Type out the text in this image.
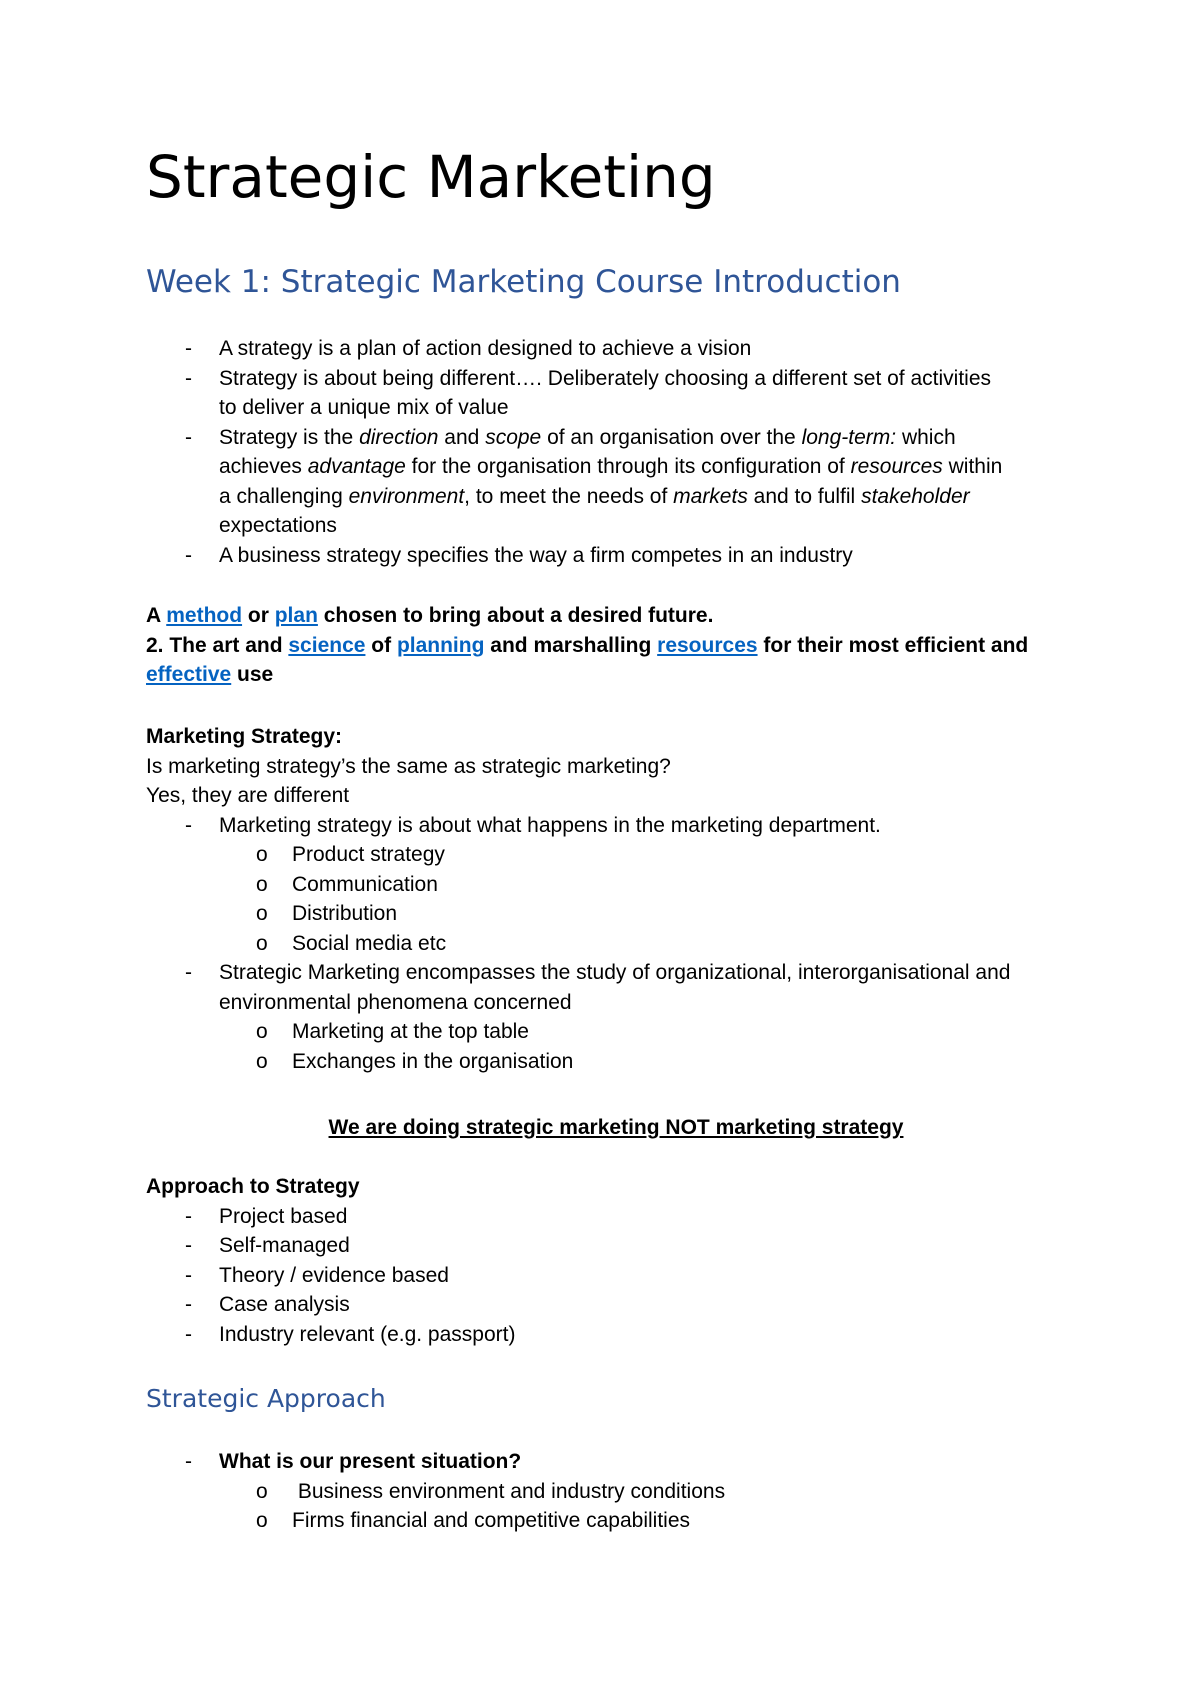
Strategic Marketing
Week 1: Strategic Marketing Course Introduction
- A strategy is a plan of action designed to achieve a vision
- Strategy is about being different…. Deliberately choosing a different set of activities
to deliver a unique mix of value
- Strategy is the direction and scope of an organisation over the long-term: which
achieves advantage for the organisation through its configuration of resources within
a challenging environment, to meet the needs of markets and to fulfil stakeholder
expectations
- A business strategy specifies the way a firm competes in an industry
A method or plan chosen to bring about a desired future.
2. The art and science of planning and marshalling resources for their most efficient and
effective use
Marketing Strategy:
Is marketing strategy’s the same as strategic marketing?
Yes, they are different
- Marketing strategy is about what happens in the marketing department.
o Product strategy
o Communication
o Distribution
o Social media etc
- Strategic Marketing encompasses the study of organizational, interorganisational and
environmental phenomena concerned
o Marketing at the top table
o Exchanges in the organisation
We are doing strategic marketing NOT marketing strategy
Approach to Strategy
- Project based
- Self-managed
- Theory / evidence based
- Case analysis
- Industry relevant (e.g. passport)
Strategic Approach
- What is our present situation?
o Business environment and industry conditions
o Firms financial and competitive capabilities
